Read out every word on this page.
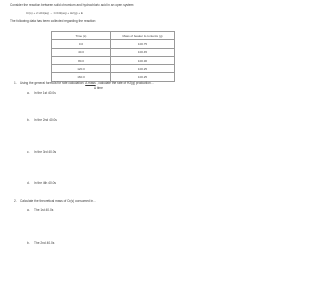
Consider the reaction between solid chromium and hydrochloric acid in an open system:
Cr(s) + 2 HCl(aq) → CrCl2(aq) + H2(g) + E
The following data has been collected regarding the reaction:
Time (s)	Mass of beaker & contents (g)
0.0	100.75
40.0	100.45
80.0	100.30
120.0	100.25
160.0	100.25
1. Using the general formula for rate calculation: Δ mass , calculate the rate of H2(g) production…
Δ time
a. In the 1st 40.0s
b. In the 2nd 40.0s
c. In the 3rd 40.0s
d. In the 4th 40.0s
2. Calculate the theoretical mass of Cr(s) consumed in…
a. The 1st 40.0s
b. The 2nd 40.0s
